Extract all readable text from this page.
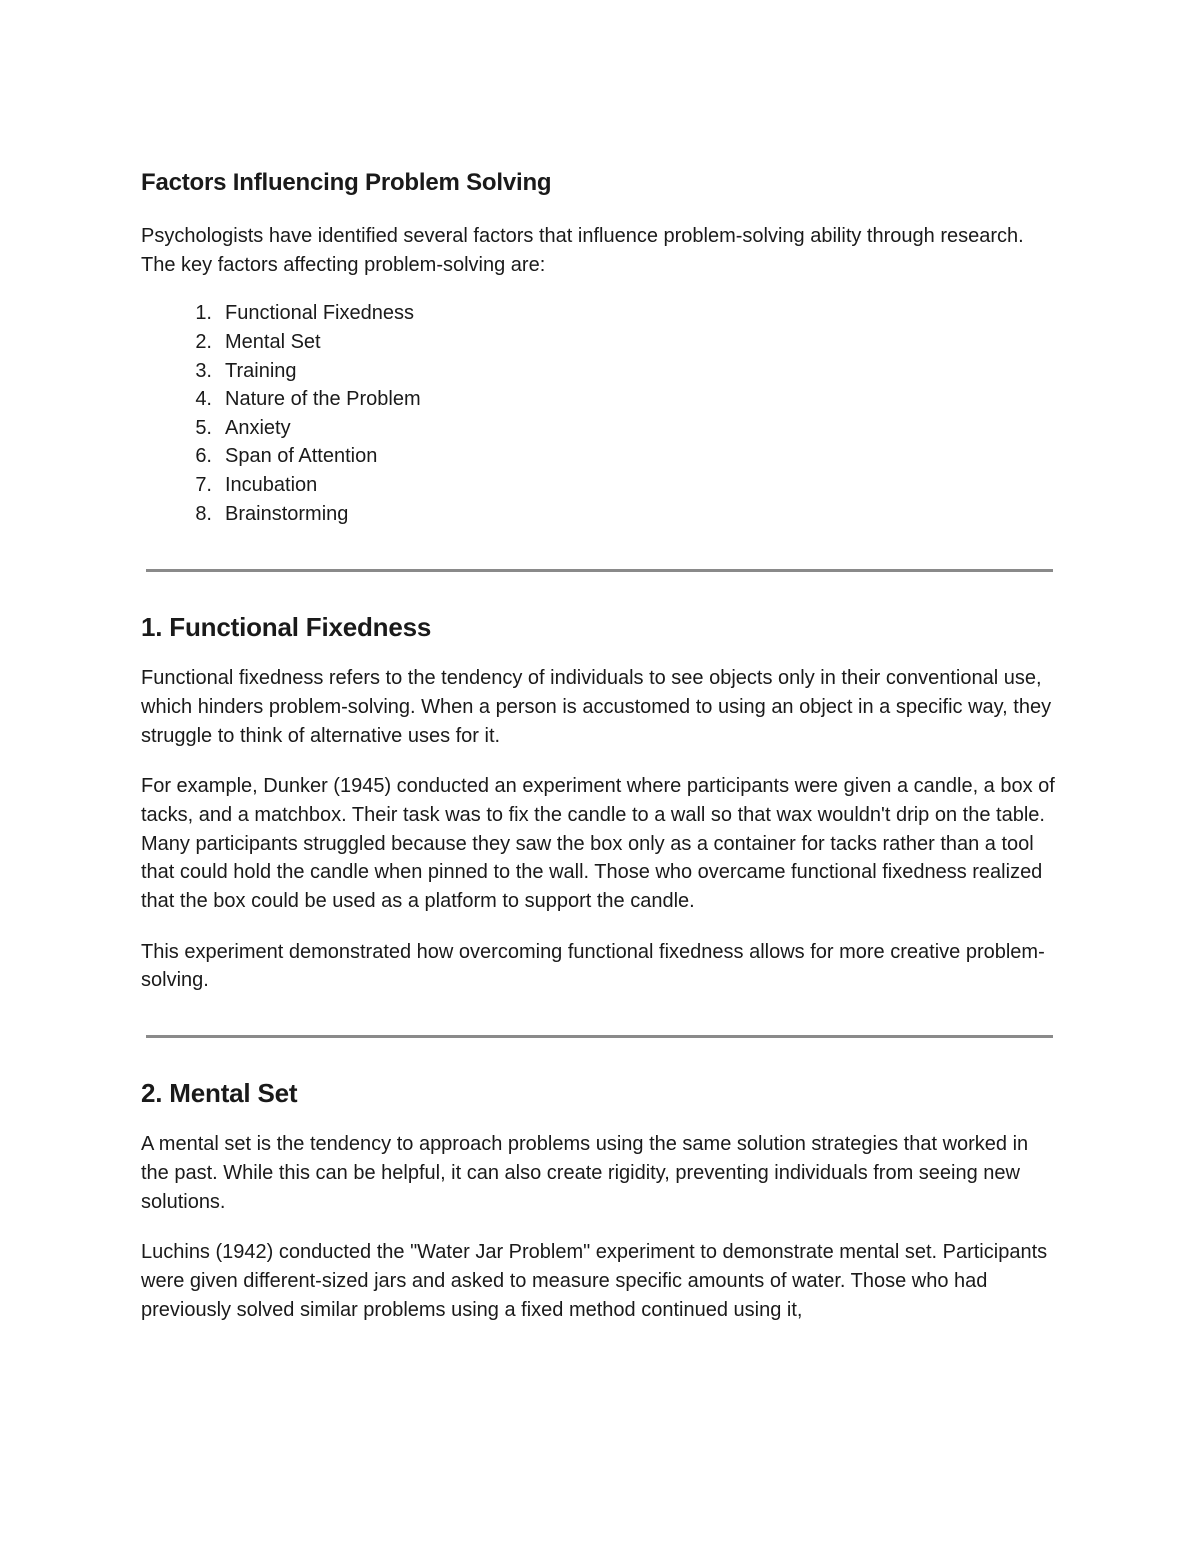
Factors Influencing Problem Solving

Psychologists have identified several factors that influence problem-solving ability through research. The key factors affecting problem-solving are:

1. Functional Fixedness
2. Mental Set
3. Training
4. Nature of the Problem
5. Anxiety
6. Span of Attention
7. Incubation
8. Brainstorming
1. Functional Fixedness

Functional fixedness refers to the tendency of individuals to see objects only in their conventional use, which hinders problem-solving. When a person is accustomed to using an object in a specific way, they struggle to think of alternative uses for it.

For example, Dunker (1945) conducted an experiment where participants were given a candle, a box of tacks, and a matchbox. Their task was to fix the candle to a wall so that wax wouldn't drip on the table. Many participants struggled because they saw the box only as a container for tacks rather than a tool that could hold the candle when pinned to the wall. Those who overcame functional fixedness realized that the box could be used as a platform to support the candle.

This experiment demonstrated how overcoming functional fixedness allows for more creative problem-solving.

2. Mental Set

A mental set is the tendency to approach problems using the same solution strategies that worked in the past. While this can be helpful, it can also create rigidity, preventing individuals from seeing new solutions.

Luchins (1942) conducted the "Water Jar Problem" experiment to demonstrate mental set. Participants were given different-sized jars and asked to measure specific amounts of water. Those who had previously solved similar problems using a fixed method continued using it,
